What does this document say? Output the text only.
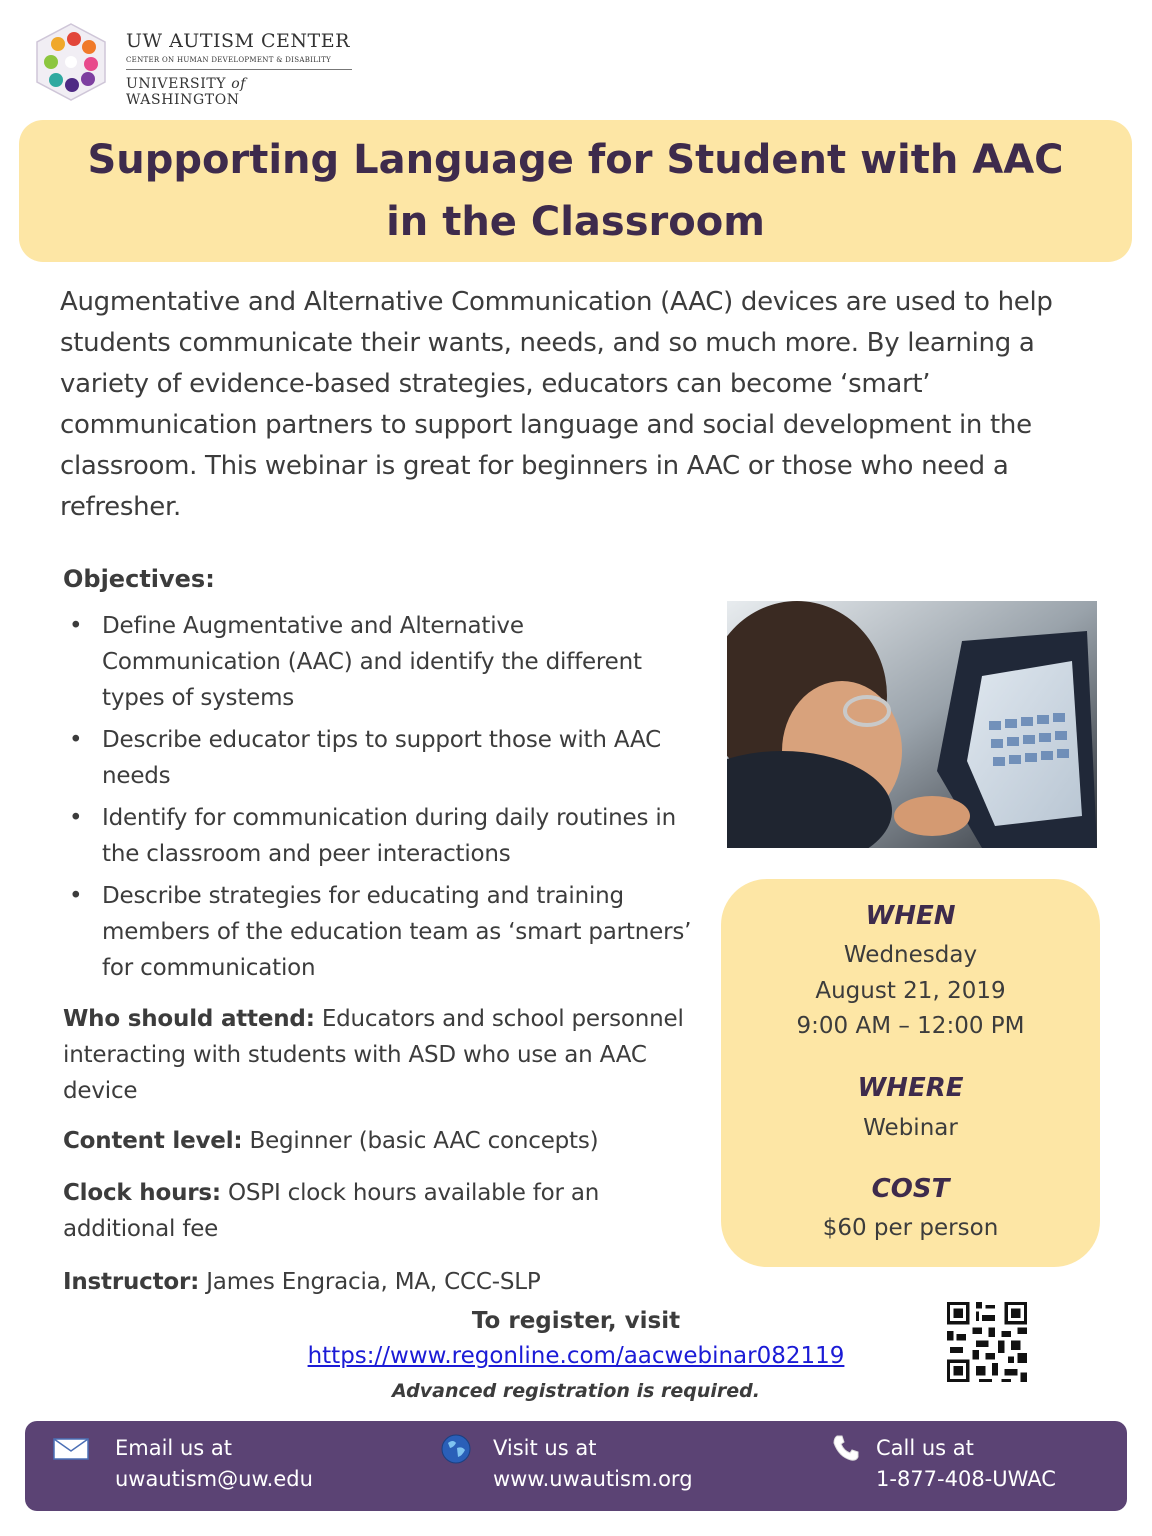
UW AUTISM CENTER
CENTER ON HUMAN DEVELOPMENT & DISABILITY
UNIVERSITY of WASHINGTON
Supporting Language for Student with AAC
in the Classroom

Augmentative and Alternative Communication (AAC) devices are used to help students communicate their wants, needs, and so much more. By learning a variety of evidence-based strategies, educators can become ‘smart’ communication partners to support language and social development in the classroom. This webinar is great for beginners in AAC or those who need a refresher.

Objectives:

• Define Augmentative and Alternative Communication (AAC) and identify the different types of systems
• Describe educator tips to support those with AAC needs
• Identify for communication during daily routines in the classroom and peer interactions
• Describe strategies for educating and training members of the education team as ‘smart partners’ for communication

Who should attend: Educators and school personnel interacting with students with ASD who use an AAC device

Content level: Beginner (basic AAC concepts)

Clock hours: OSPI clock hours available for an additional fee

Instructor: James Engracia, MA, CCC-SLP

WHEN
Wednesday
August 21, 2019
9:00 AM – 12:00 PM
WHERE
Webinar
COST
$60 per person
To register, visit
https://www.regonline.com/aacwebinar082119
Advanced registration is required.
Email us at
uwautism@uw.edu
Visit us at
www.uwautism.org
Call us at
1-877-408-UWAC
